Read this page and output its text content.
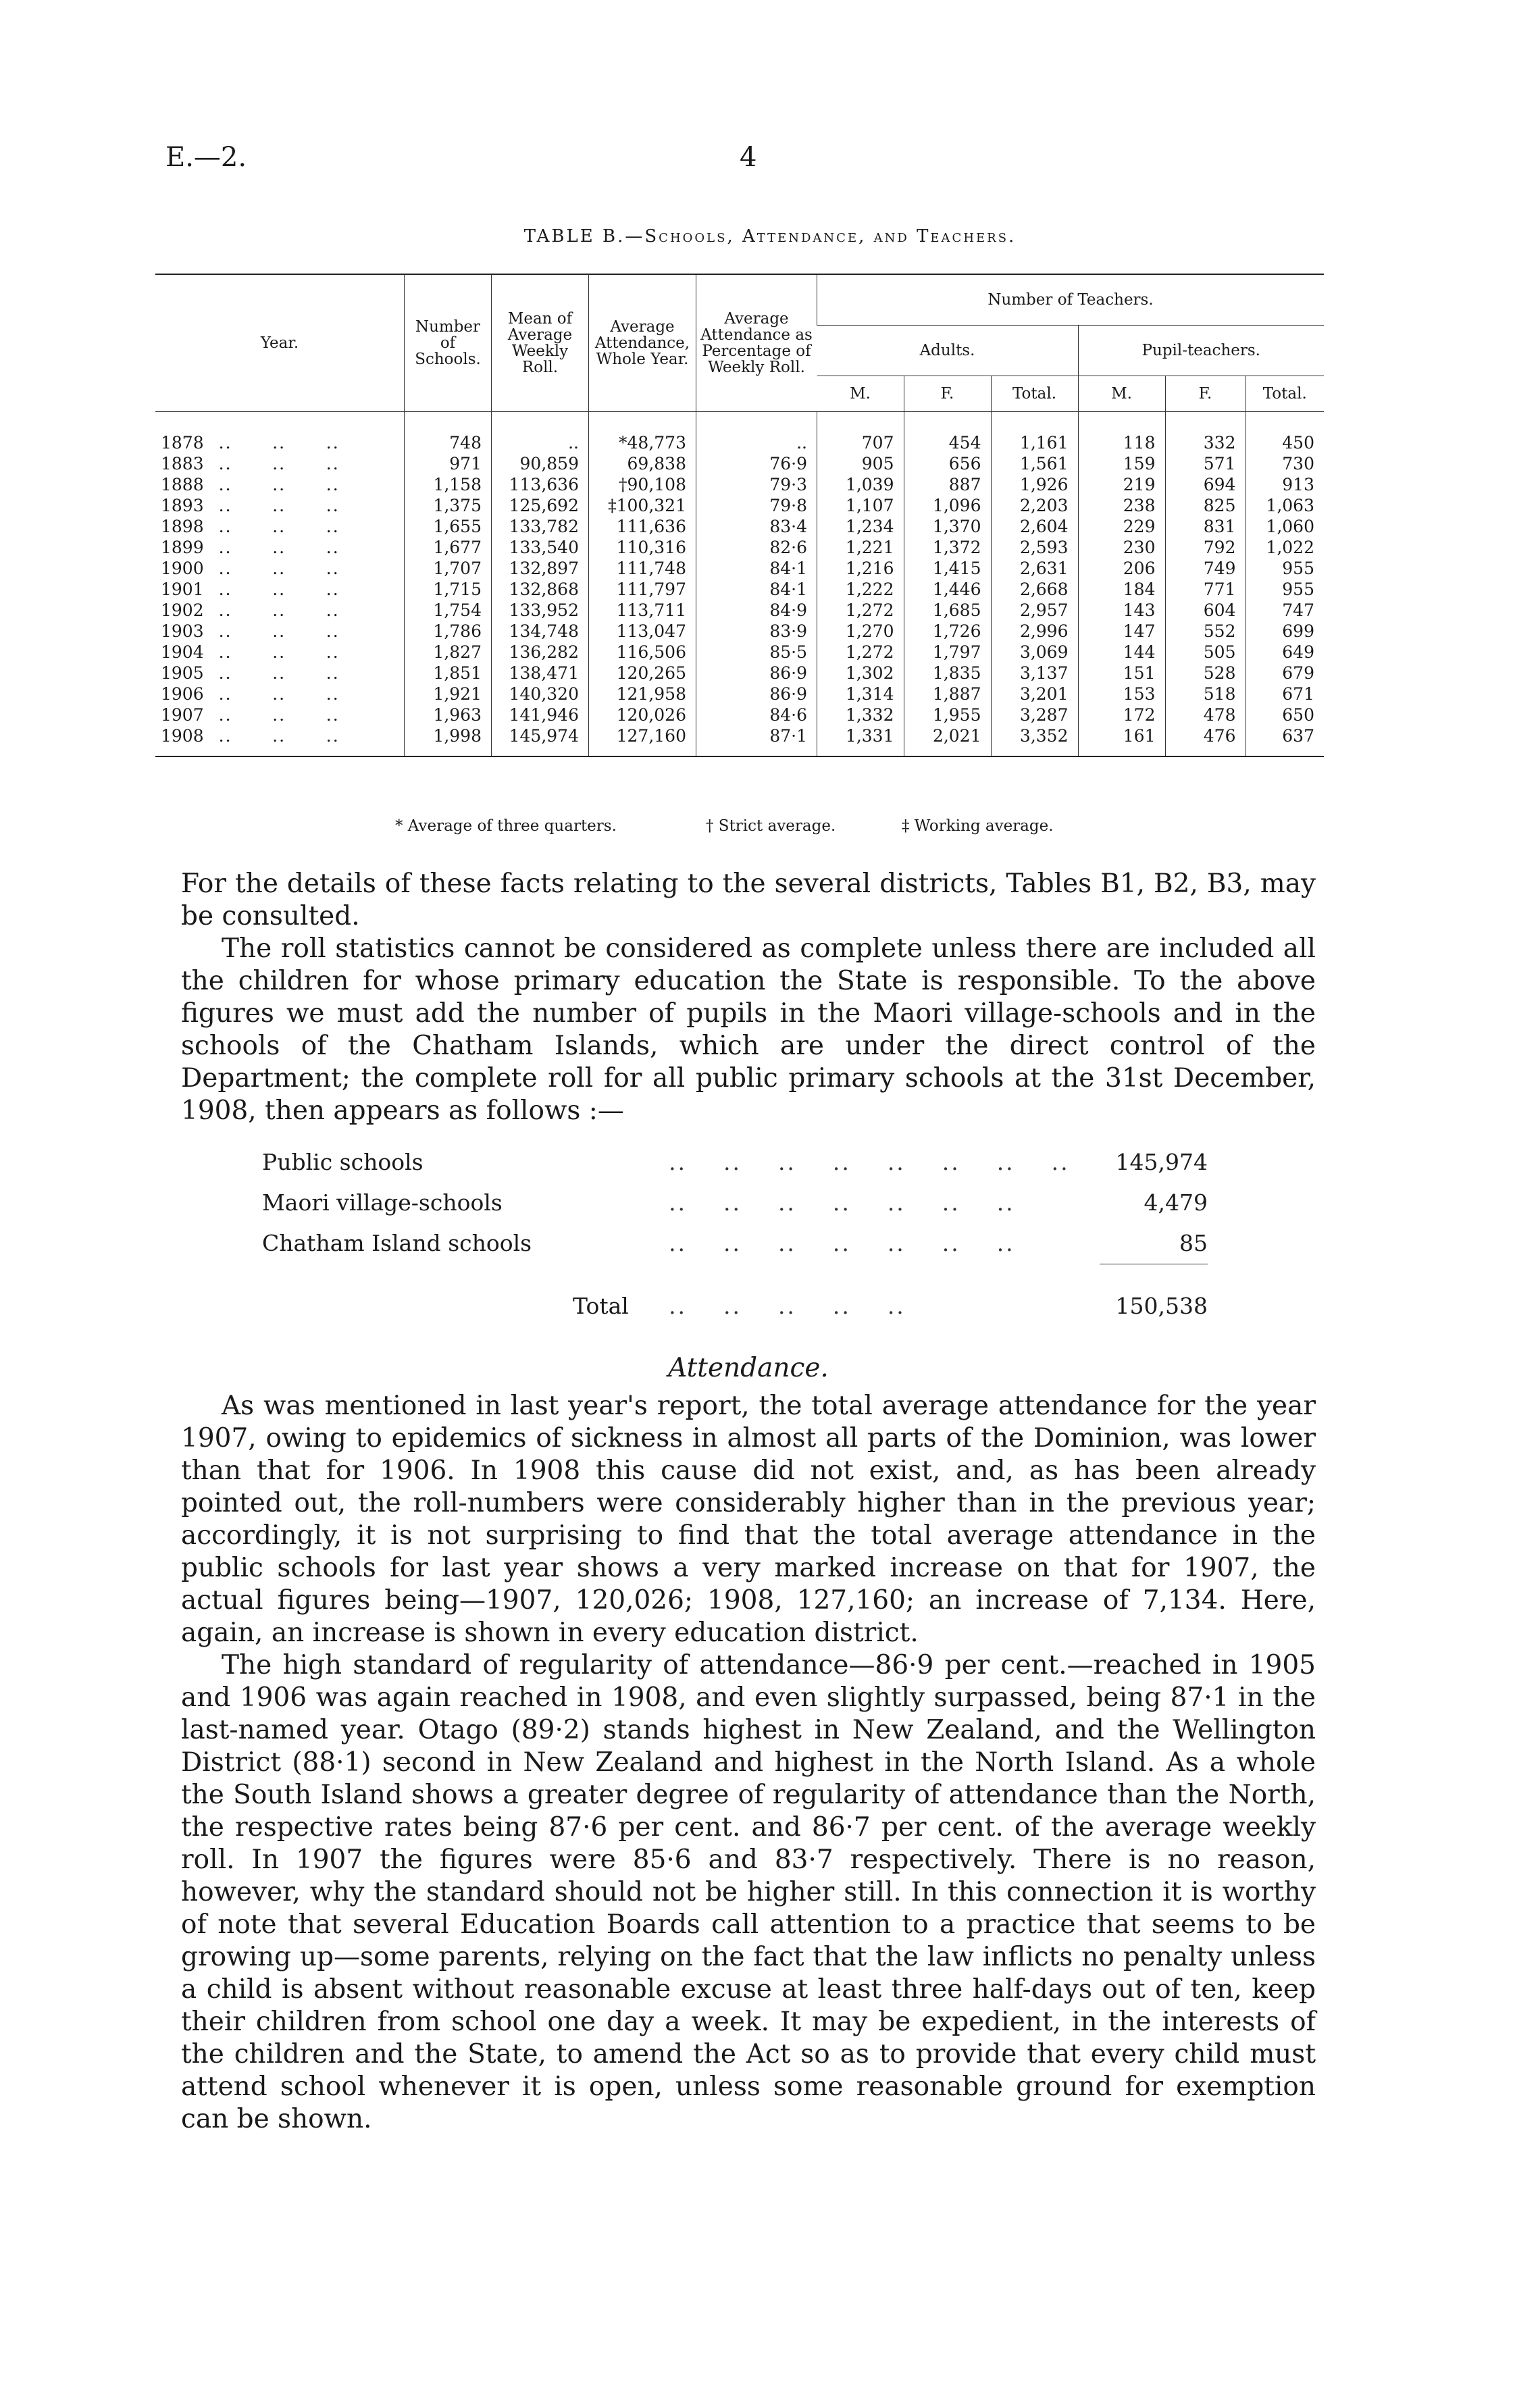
E.—2.	4
TABLE B.—Schools, Attendance, and Teachers.
Year.	Number of Schools.	Mean of Average Weekly Roll.	Average Attendance, Whole Year.	Average Attendance as Percentage of Weekly Roll.	Number of Teachers.					
					Adults.			Pupil-teachers.		
					M.	F.	Total.	M.	F.	Total.
1878 ..      ..      ..	748	..	*48,773	..	707	454	1,161	118	332	450
1883 ..      ..      ..	971	90,859	69,838	76·9	905	656	1,561	159	571	730
1888 ..      ..      ..	1,158	113,636	†90,108	79·3	1,039	887	1,926	219	694	913
1893 ..      ..      ..	1,375	125,692	‡100,321	79·8	1,107	1,096	2,203	238	825	1,063
1898 ..      ..      ..	1,655	133,782	111,636	83·4	1,234	1,370	2,604	229	831	1,060
1899 ..      ..      ..	1,677	133,540	110,316	82·6	1,221	1,372	2,593	230	792	1,022
1900 ..      ..      ..	1,707	132,897	111,748	84·1	1,216	1,415	2,631	206	749	955
1901 ..      ..      ..	1,715	132,868	111,797	84·1	1,222	1,446	2,668	184	771	955
1902 ..      ..      ..	1,754	133,952	113,711	84·9	1,272	1,685	2,957	143	604	747
1903 ..      ..      ..	1,786	134,748	113,047	83·9	1,270	1,726	2,996	147	552	699
1904 ..      ..      ..	1,827	136,282	116,506	85·5	1,272	1,797	3,069	144	505	649
1905 ..      ..      ..	1,851	138,471	120,265	86·9	1,302	1,835	3,137	151	528	679
1906 ..      ..      ..	1,921	140,320	121,958	86·9	1,314	1,887	3,201	153	518	671
1907 ..      ..      ..	1,963	141,946	120,026	84·6	1,332	1,955	3,287	172	478	650
1908 ..      ..      ..	1,998	145,974	127,160	87·1	1,331	2,021	3,352	161	476	637
* Average of three quarters.	† Strict average.	‡ Working average.

For the details of these facts relating to the several districts, Tables B1, B2, B3, may be consulted.

The roll statistics cannot be considered as complete unless there are included all the children for whose primary education the State is responsible. To the above figures we must add the number of pupils in the Maori village-schools and in the schools of the Chatham Islands, which are under the direct control of the Department; the complete roll for all public primary schools at the 31st December, 1908, then appears as follows :—

Public schools	..    ..    ..    ..    ..    ..    ..    ..	145,974
Maori village-schools	..    ..    ..    ..    ..    ..    ..	4,479
Chatham Island schools	..    ..    ..    ..    ..    ..    ..	85
Total	..    ..    ..    ..    ..	150,538
Attendance.

As was mentioned in last year's report, the total average attendance for the year 1907, owing to epidemics of sickness in almost all parts of the Dominion, was lower than that for 1906. In 1908 this cause did not exist, and, as has been already pointed out, the roll-numbers were considerably higher than in the previous year; accordingly, it is not surprising to find that the total average attendance in the public schools for last year shows a very marked increase on that for 1907, the actual figures being—1907, 120,026; 1908, 127,160; an increase of 7,134. Here, again, an increase is shown in every education district.

The high standard of regularity of attendance—86·9 per cent.—reached in 1905 and 1906 was again reached in 1908, and even slightly surpassed, being 87·1 in the last-named year. Otago (89·2) stands highest in New Zealand, and the Wellington District (88·1) second in New Zealand and highest in the North Island. As a whole the South Island shows a greater degree of regularity of attendance than the North, the respective rates being 87·6 per cent. and 86·7 per cent. of the average weekly roll. In 1907 the figures were 85·6 and 83·7 respectively. There is no reason, however, why the standard should not be higher still. In this connection it is worthy of note that several Education Boards call attention to a practice that seems to be growing up—some parents, relying on the fact that the law inflicts no penalty unless a child is absent without reasonable excuse at least three half-days out of ten, keep their children from school one day a week. It may be expedient, in the interests of the children and the State, to amend the Act so as to provide that every child must attend school whenever it is open, unless some reasonable ground for exemption can be shown.
